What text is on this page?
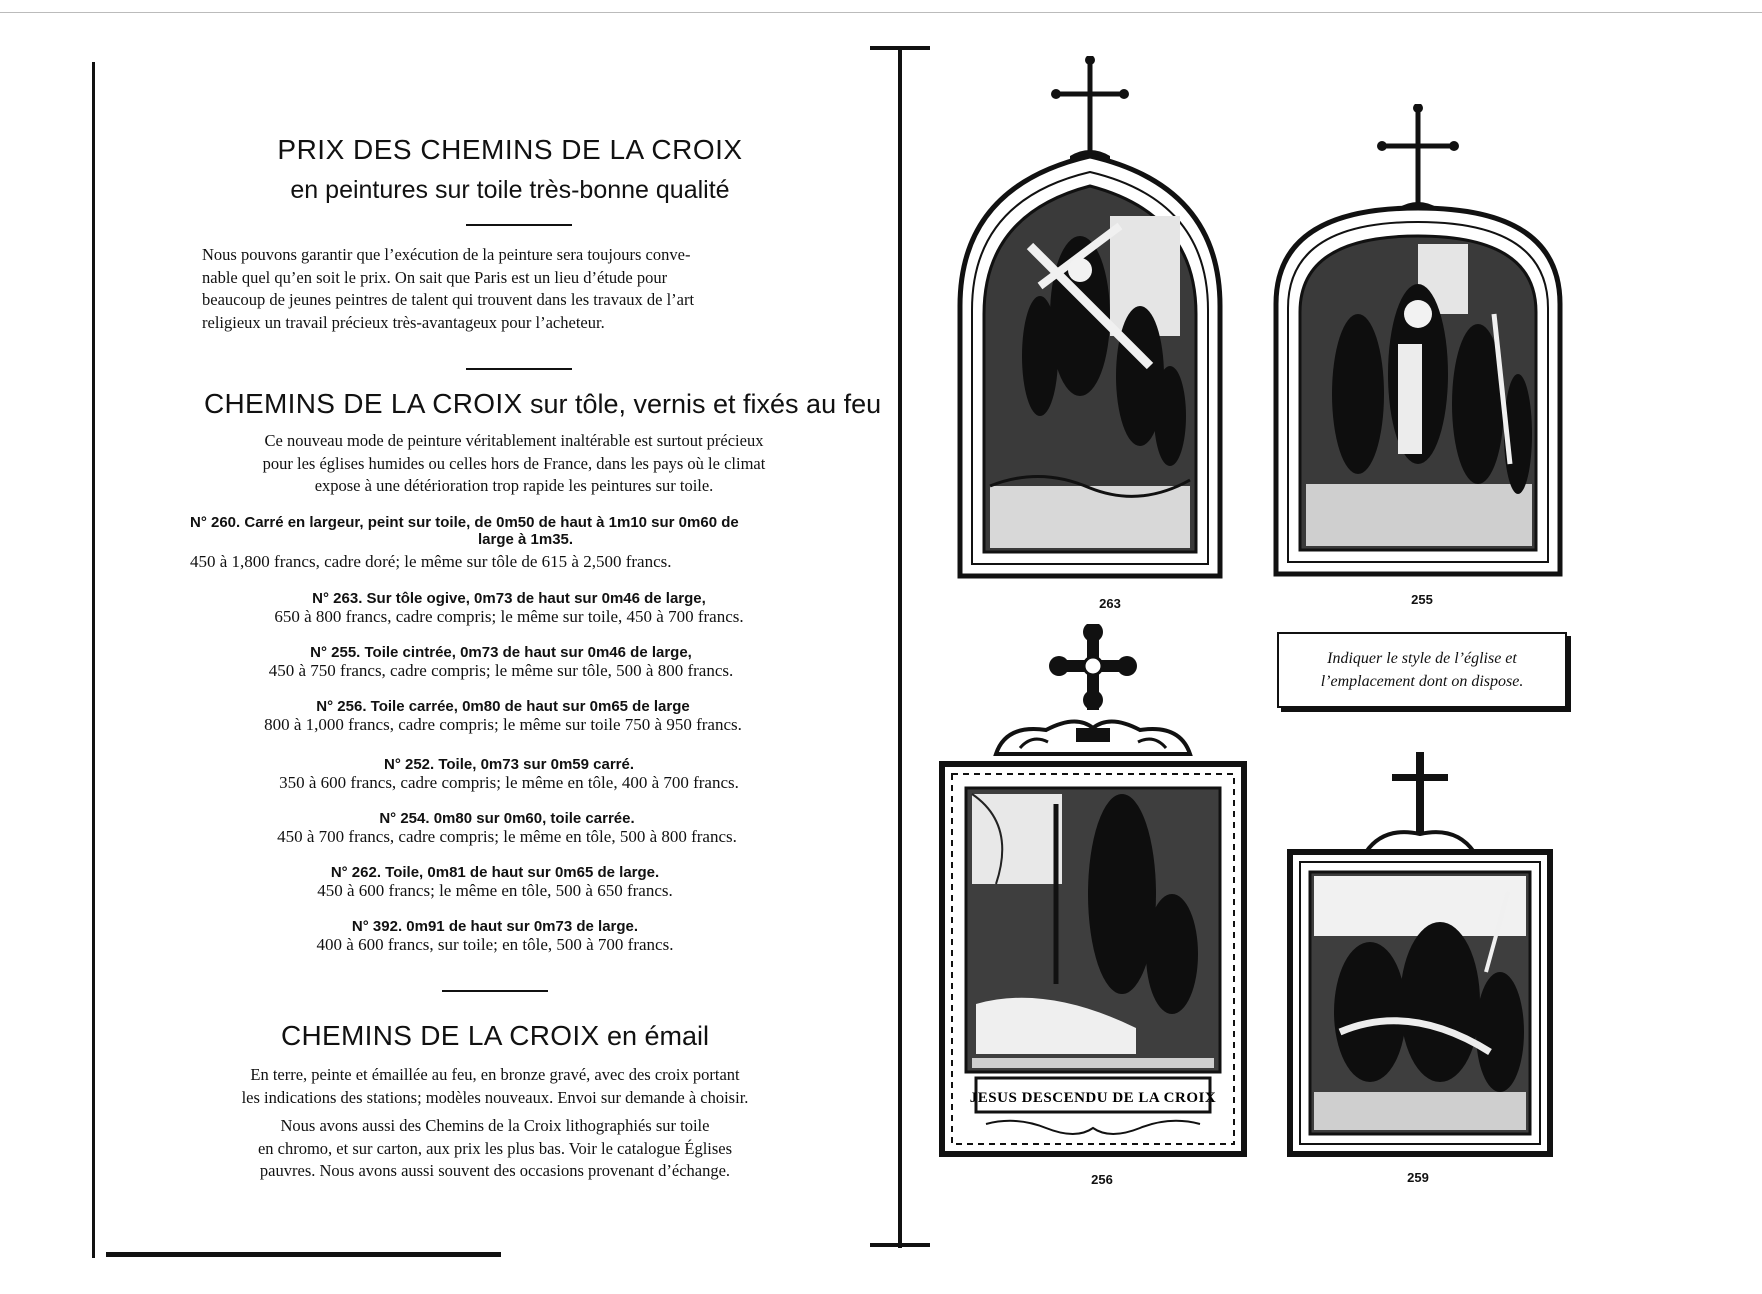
PRIX DES CHEMINS DE LA CROIX
en peintures sur toile très-bonne qualité
Nous pouvons garantir que l’exécution de la peinture sera toujours conve-
nable quel qu’en soit le prix. On sait que Paris est un lieu d’étude pour
beaucoup de jeunes peintres de talent qui trouvent dans les travaux de l’art
religieux un travail précieux très-avantageux pour l’acheteur.
CHEMINS DE LA CROIX sur tôle, vernis et fixés au feu
Ce nouveau mode de peinture véritablement inaltérable est surtout précieux
pour les églises humides ou celles hors de France, dans les pays où le climat
expose à une détérioration trop rapide les peintures sur toile.
N° 260. Carré en largeur, peint sur toile, de 0m50 de haut à 1m10 sur 0m60 de
large à 1m35.
450 à 1,800 francs, cadre doré; le même sur tôle de 615 à 2,500 francs.
N° 263. Sur tôle ogive, 0m73 de haut sur 0m46 de large,
650 à 800 francs, cadre compris; le même sur toile, 450 à 700 francs.
N° 255. Toile cintrée, 0m73 de haut sur 0m46 de large,
450 à 750 francs, cadre compris; le même sur tôle, 500 à 800 francs.
N° 256. Toile carrée, 0m80 de haut sur 0m65 de large
800 à 1,000 francs, cadre compris; le même sur toile 750 à 950 francs.
N° 252. Toile, 0m73 sur 0m59 carré.
350 à 600 francs, cadre compris; le même en tôle, 400 à 700 francs.
N° 254. 0m80 sur 0m60, toile carrée.
450 à 700 francs, cadre compris; le même en tôle, 500 à 800 francs.
N° 262. Toile, 0m81 de haut sur 0m65 de large.
450 à 600 francs; le même en tôle, 500 à 650 francs.
N° 392. 0m91 de haut sur 0m73 de large.
400 à 600 francs, sur toile; en tôle, 500 à 700 francs.
CHEMINS DE LA CROIX en émail
En terre, peinte et émaillée au feu, en bronze gravé, avec des croix portant
les indications des stations; modèles nouveaux. Envoi sur demande à choisir.
Nous avons aussi des Chemins de la Croix lithographiés sur toile
en chromo, et sur carton, aux prix les plus bas. Voir le catalogue Églises
pauvres. Nous avons aussi souvent des occasions provenant d’échange.
263	255
Indiquer le style de l’église et
l’emplacement dont on dispose.
JESUS DESCENDU DE LA CROIX
256	259
